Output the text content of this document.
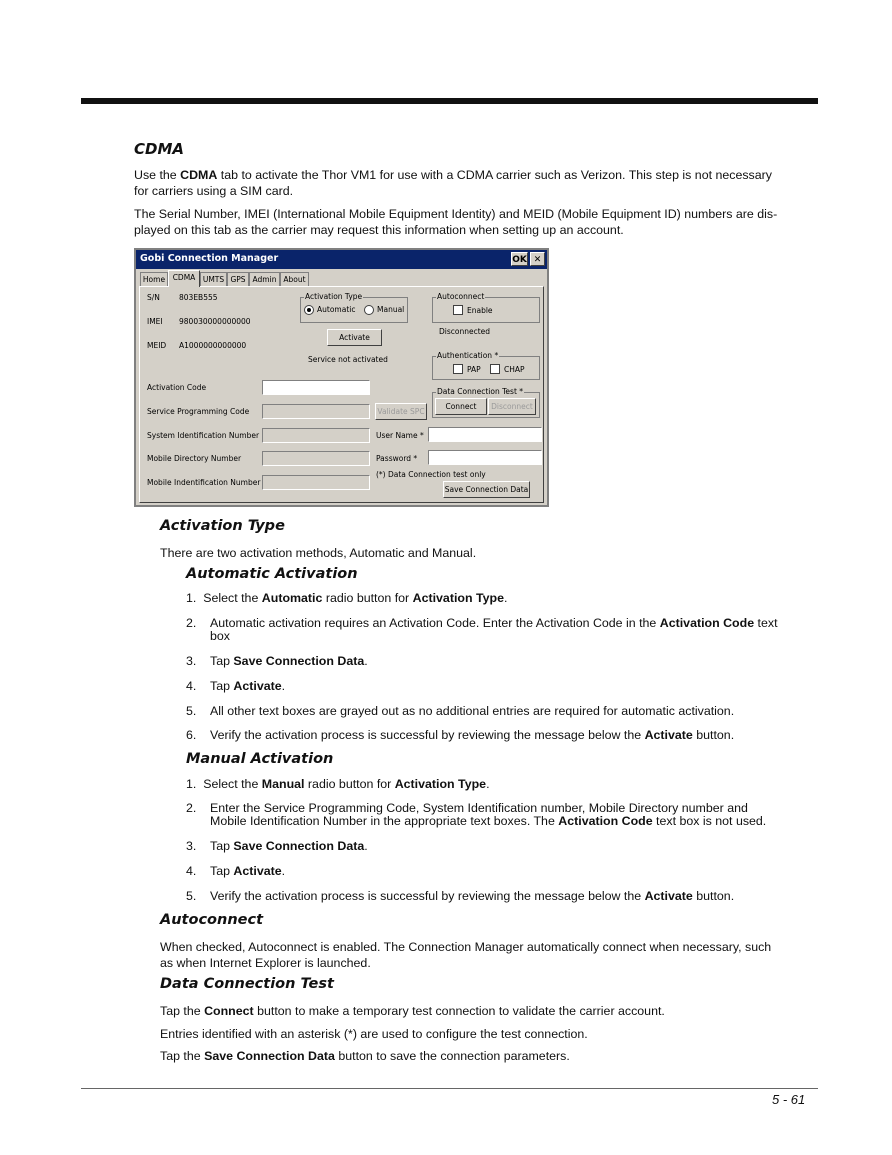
CDMA
Use the CDMA tab to activate the Thor VM1 for use with a CDMA carrier such as Verizon. This step is not necessary
for carriers using a SIM card.
The Serial Number, IMEI (International Mobile Equipment Identity) and MEID (Mobile Equipment ID) numbers are dis-
played on this tab as the carrier may request this information when setting up an account.
Gobi Connection Manager	OK ✕
Home	CDMA	UMTS GPS Admin About
S/N	803EB555
IMEI 980030000000000
MEID A1000000000000
Activation Type
Automatic	Manual
Activate
Service not activated
Autoconnect
Enable
Disconnected
Authentication *
PAP	CHAP
Data Connection Test *
Connect	Disconnect
Activation Code
Service Programming Code	Validate SPC
System Identification Number
Mobile Directory Number
Mobile Indentification Number
User Name *
Password *
(*) Data Connection test only
Save Connection Data
Activation Type
There are two activation methods, Automatic and Manual.
Automatic Activation
1. Select the Automatic radio button for Activation Type.
2. Automatic activation requires an Activation Code. Enter the Activation Code in the Activation Code text
box
3. Tap Save Connection Data.
4. Tap Activate.
5. All other text boxes are grayed out as no additional entries are required for automatic activation.
6. Verify the activation process is successful by reviewing the message below the Activate button.
Manual Activation
1. Select the Manual radio button for Activation Type.
2. Enter the Service Programming Code, System Identification number, Mobile Directory number and
Mobile Identification Number in the appropriate text boxes. The Activation Code text box is not used.
3. Tap Save Connection Data.
4. Tap Activate.
5. Verify the activation process is successful by reviewing the message below the Activate button.
Autoconnect
When checked, Autoconnect is enabled. The Connection Manager automatically connect when necessary, such
as when Internet Explorer is launched.
Data Connection Test
Tap the Connect button to make a temporary test connection to validate the carrier account.
Entries identified with an asterisk (*) are used to configure the test connection.
Tap the Save Connection Data button to save the connection parameters.
5 - 61
